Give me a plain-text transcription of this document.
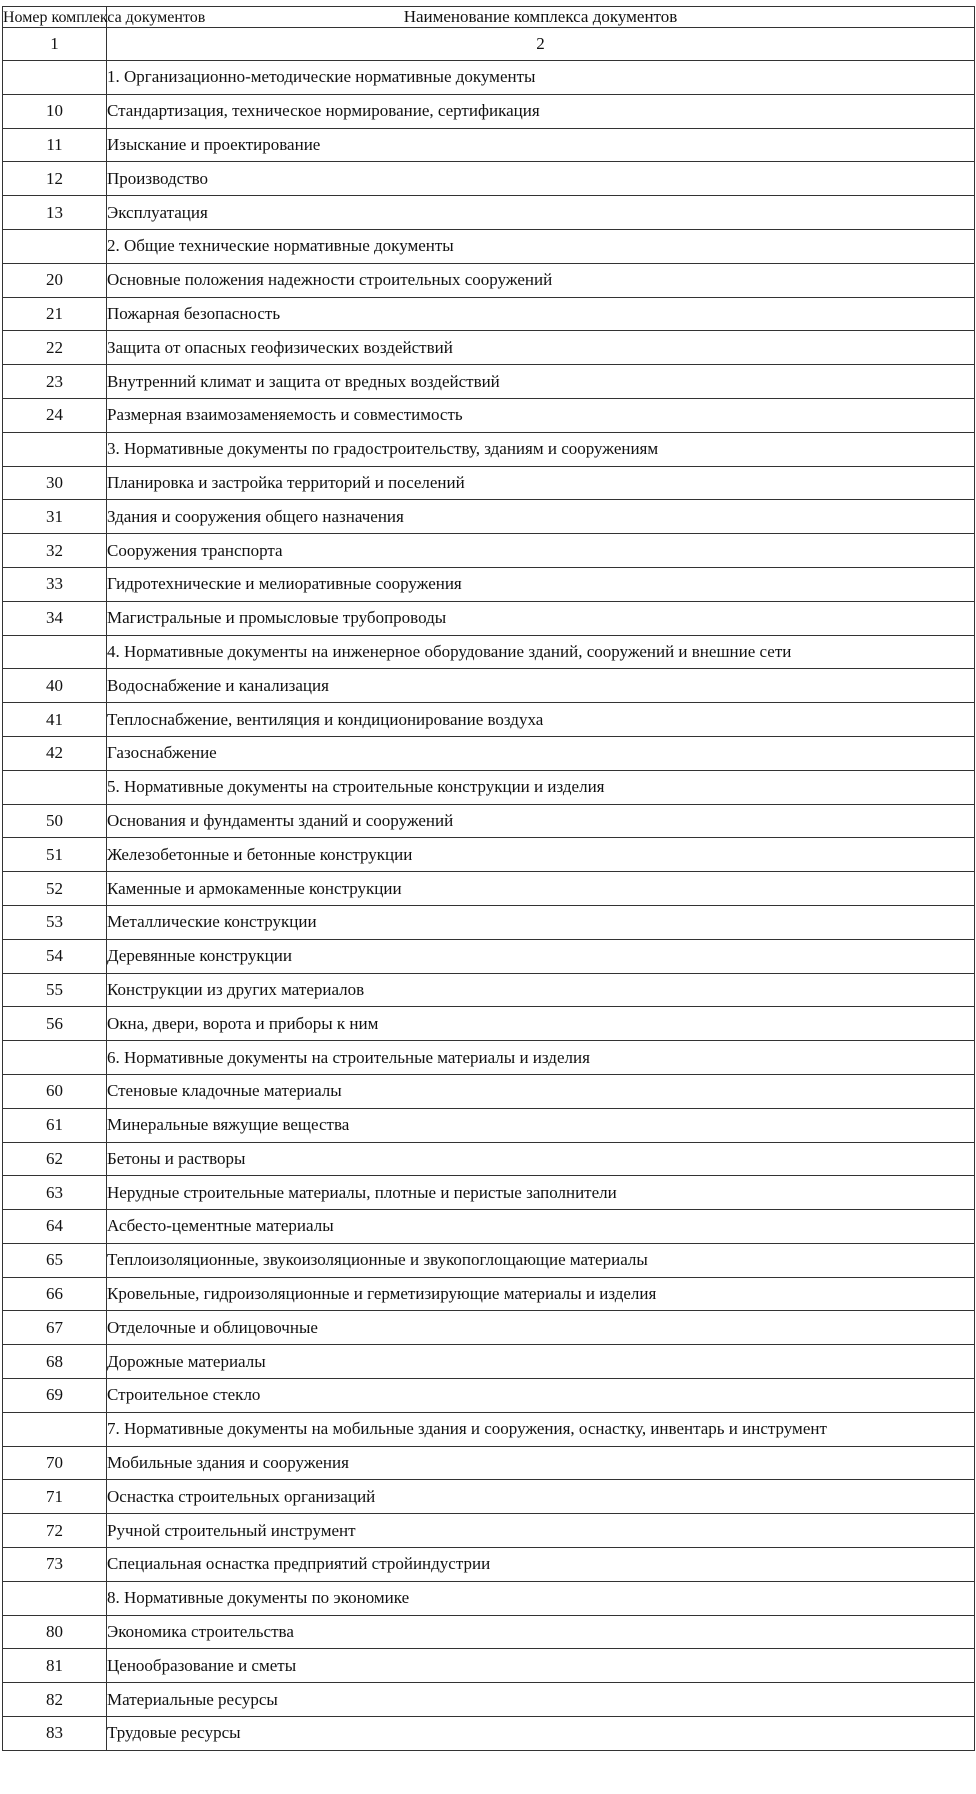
Номер комплекса документов	Наименование комплекса документов
1	2
	1. Организационно-методические нормативные документы
10	Стандартизация, техническое нормирование, сертификация
11	Изыскание и проектирование
12	Производство
13	Эксплуатация
	2. Общие технические нормативные документы
20	Основные положения надежности строительных сооружений
21	Пожарная безопасность
22	Защита от опасных геофизических воздействий
23	Внутренний климат и защита от вредных воздействий
24	Размерная взаимозаменяемость и совместимость
	3. Нормативные документы по градостроительству, зданиям и сооружениям
30	Планировка и застройка территорий и поселений
31	Здания и сооружения общего назначения
32	Сооружения транспорта
33	Гидротехнические и мелиоративные сооружения
34	Магистральные и промысловые трубопроводы
	4. Нормативные документы на инженерное оборудование зданий, сооружений и внешние сети
40	Водоснабжение и канализация
41	Теплоснабжение, вентиляция и кондиционирование воздуха
42	Газоснабжение
	5. Нормативные документы на строительные конструкции и изделия
50	Основания и фундаменты зданий и сооружений
51	Железобетонные и бетонные конструкции
52	Каменные и армокаменные конструкции
53	Металлические конструкции
54	Деревянные конструкции
55	Конструкции из других материалов
56	Окна, двери, ворота и приборы к ним
	6. Нормативные документы на строительные материалы и изделия
60	Стеновые кладочные материалы
61	Минеральные вяжущие вещества
62	Бетоны и растворы
63	Нерудные строительные материалы, плотные и перистые заполнители
64	Асбесто-цементные материалы
65	Теплоизоляционные, звукоизоляционные и звукопоглощающие материалы
66	Кровельные, гидроизоляционные и герметизирующие материалы и изделия
67	Отделочные и облицовочные
68	Дорожные материалы
69	Строительное стекло
	7. Нормативные документы на мобильные здания и сооружения, оснастку, инвентарь и инструмент
70	Мобильные здания и сооружения
71	Оснастка строительных организаций
72	Ручной строительный инструмент
73	Специальная оснастка предприятий стройиндустрии
	8. Нормативные документы по экономике
80	Экономика строительства
81	Ценообразование и сметы
82	Материальные ресурсы
83	Трудовые ресурсы
